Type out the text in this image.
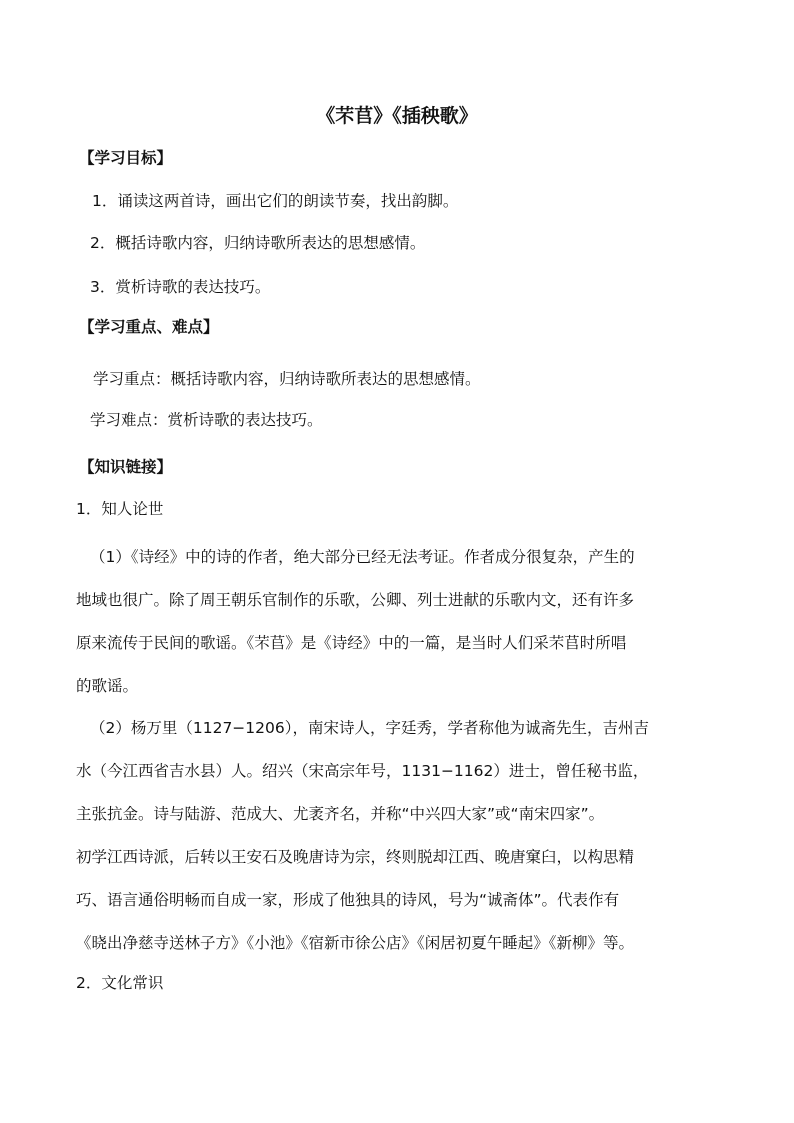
《芣苢》《插秧歌》
【学习目标】
1．诵读这两首诗，画出它们的朗读节奏，找出韵脚。
2．概括诗歌内容，归纳诗歌所表达的思想感情。
3．赏析诗歌的表达技巧。
【学习重点、难点】
学习重点：概括诗歌内容，归纳诗歌所表达的思想感情。
学习难点：赏析诗歌的表达技巧。
【知识链接】
1．知人论世
（1）《诗经》中的诗的作者，绝大部分已经无法考证。作者成分很复杂，产生的
地域也很广。除了周王朝乐官制作的乐歌，公卿、列士进献的乐歌内文，还有许多
原来流传于民间的歌谣。《芣苢》是《诗经》中的一篇，是当时人们采芣苢时所唱
的歌谣。
（2）杨万里（1127−1206），南宋诗人，字廷秀，学者称他为诚斋先生，吉州吉
水（今江西省吉水县）人。绍兴（宋高宗年号，1131−1162）进士，曾任秘书监，
主张抗金。诗与陆游、范成大、尤袤齐名，并称“中兴四大家”或“南宋四家”。
初学江西诗派，后转以王安石及晚唐诗为宗，终则脱却江西、晚唐窠臼，以构思精
巧、语言通俗明畅而自成一家，形成了他独具的诗风，号为“诚斋体”。代表作有
《晓出净慈寺送林子方》《小池》《宿新市徐公店》《闲居初夏午睡起》《新柳》等。
2．文化常识
